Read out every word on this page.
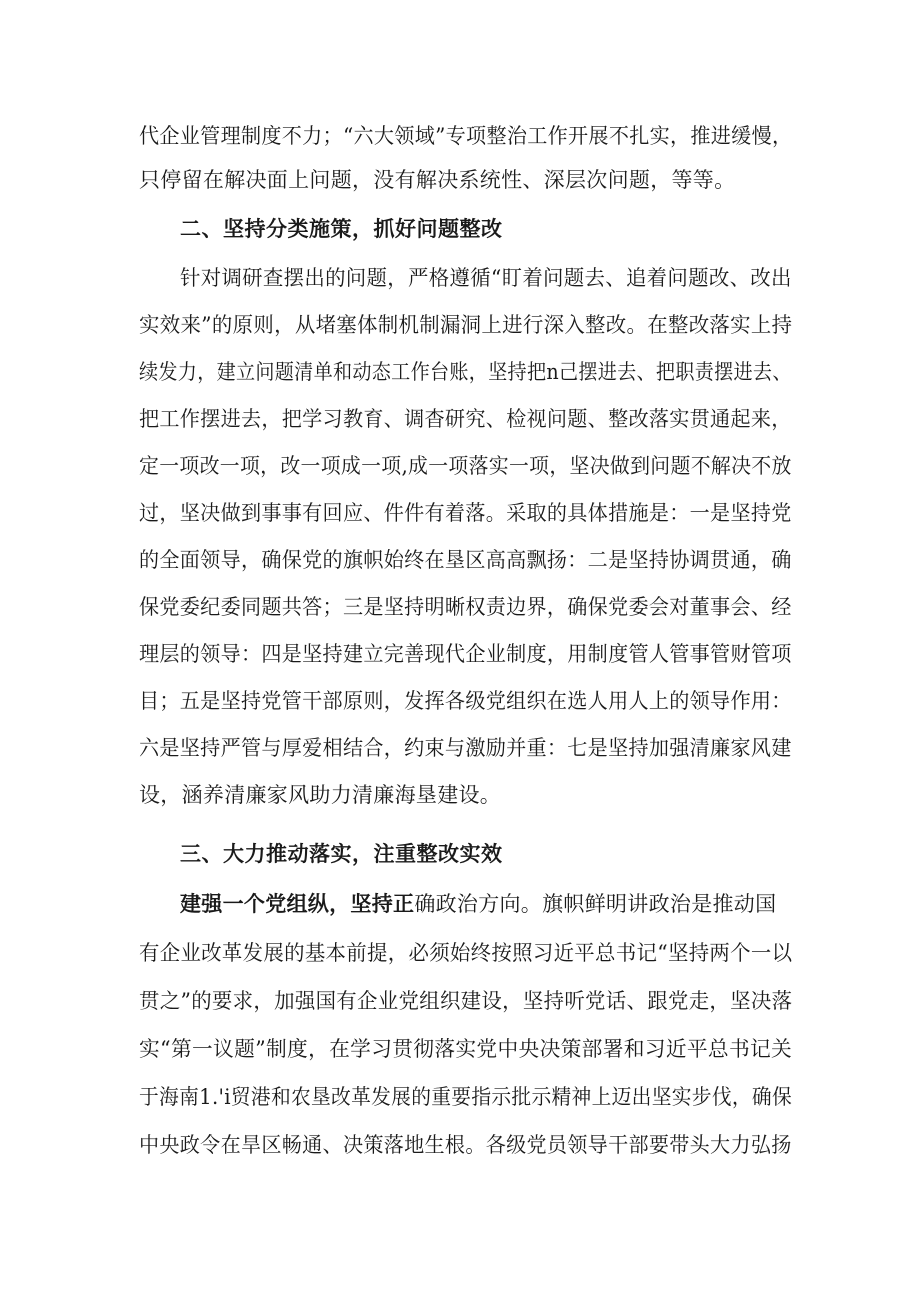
代企业管理制度不力；“六大领域”专项整治工作开展不扎实，推进缓慢，
只停留在解决面上问题，没有解决系统性、深层次问题，等等。
二、坚持分类施策，抓好问题整改
针对调研查摆出的问题，严格遵循“盯着问题去、追着问题改、改出
实效来”的原则，从堵塞体制机制漏洞上进行深入整改。在整改落实上持
续发力，建立问题清单和动态工作台账，坚持把n己摆进去、把职责摆进去、
把工作摆进去，把学习教育、调杳研究、检视问题、整改落实贯通起来，
定一项改一项，改一项成一项,成一项落实一项，坚决做到问题不解决不放
过，坚决做到事事有回应、件件有着落。采取的具体措施是：一是坚持党
的全面领导，确保党的旗帜始终在垦区高高飘扬：二是坚持协调贯通，确
保党委纪委同题共答；三是坚持明晰权责边界，确保党委会对董事会、经
理层的领导：四是坚持建立完善现代企业制度，用制度管人管事管财管项
目；五是坚持党管干部原则，发挥各级党组织在选人用人上的领导作用：
六是坚持严管与厚爱相结合，约束与激励并重：七是坚持加强清廉家风建
设，涵养清廉家风助力清廉海垦建设。
三、大力推动落实，注重整改实效
建强一个党组纵，坚持正确政治方向。旗帜鲜明讲政治是推动国
有企业改革发展的基本前提，必须始终按照习近平总书记“坚持两个一以
贯之”的要求，加强国有企业党组织建设，坚持听党话、跟党走，坚决落
实“第一议题”制度，在学习贯彻落实党中央决策部署和习近平总书记关
于海南1.'i贸港和农垦改革发展的重要指示批示精神上迈出坚实步伐，确保
中央政令在旱区畅通、决策落地生根。各级党员领导干部要带头大力弘扬
